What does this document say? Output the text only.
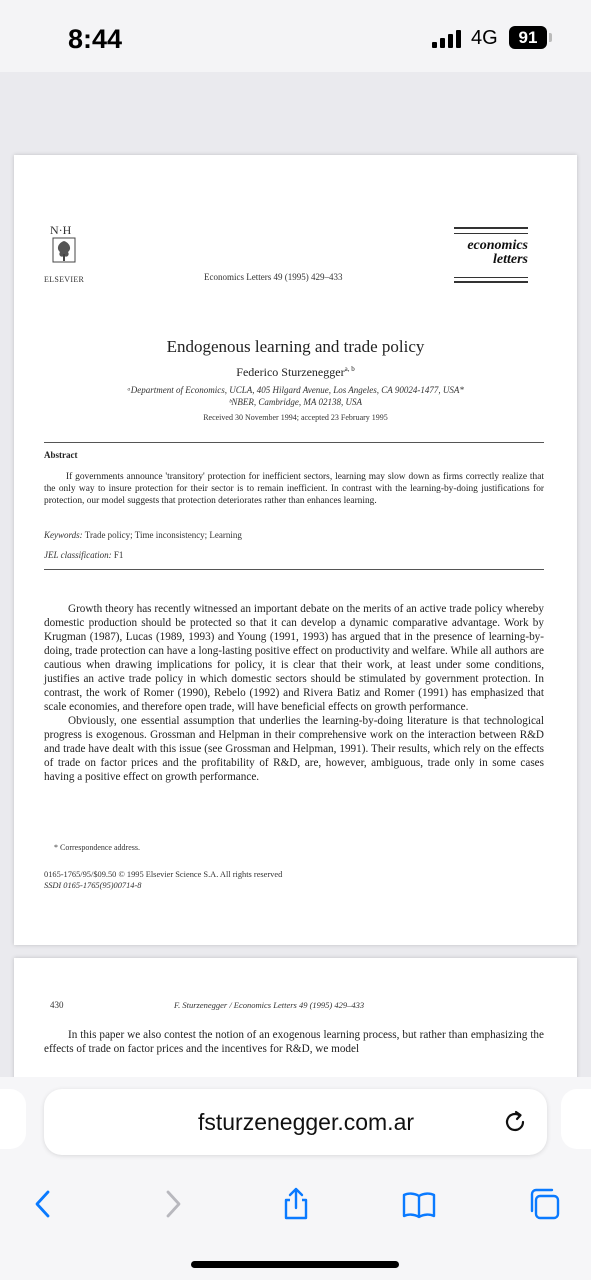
8:44	4G	91
N·H
ELSEVIER	Economics Letters 49 (1995) 429–433
economics
letters
Endogenous learning and trade policy
Federico Sturzenegger$^{a, b}$
ᵃDepartment of Economics, UCLA, 405 Hilgard Avenue, Los Angeles, CA 90024-1477, USA*
ᵇNBER, Cambridge, MA 02138, USA
Received 30 November 1994; accepted 23 February 1995
Abstract
If governments announce 'transitory' protection for inefficient sectors, learning may slow down as firms correctly realize that the only way to insure protection for their sector is to remain inefficient. In contrast with the learning-by-doing justifications for protection, our model suggests that protection deteriorates rather than enhances learning.
Keywords: Trade policy; Time inconsistency; Learning
JEL classification: F1

Growth theory has recently witnessed an important debate on the merits of an active trade policy whereby domestic production should be protected so that it can develop a dynamic comparative advantage. Work by Krugman (1987), Lucas (1989, 1993) and Young (1991, 1993) has argued that in the presence of learning-by-doing, trade protection can have a long-lasting positive effect on productivity and welfare. While all authors are cautious when drawing implications for policy, it is clear that their work, at least under some conditions, justifies an active trade policy in which domestic sectors should be stimulated by government protection. In contrast, the work of Romer (1990), Rebelo (1992) and Rivera Batiz and Romer (1991) has emphasized that scale economies, and therefore open trade, will have beneficial effects on growth performance.

Obviously, one essential assumption that underlies the learning-by-doing literature is that technological progress is exogenous. Grossman and Helpman in their comprehensive work on the interaction between R&D and trade have dealt with this issue (see Grossman and Helpman, 1991). Their results, which rely on the effects of trade on factor prices and the profitability of R&D, are, however, ambiguous, trade only in some cases having a positive effect on growth performance.

* Correspondence address.
0165-1765/95/$09.50 © 1995 Elsevier Science S.A. All rights reserved
SSDI 0165-1765(95)00714-8
430	F. Sturzenegger / Economics Letters 49 (1995) 429–433

In this paper we also contest the notion of an exogenous learning process, but rather than emphasizing the effects of trade on factor prices and the incentives for R&D, we model

fsturzenegger.com.ar
